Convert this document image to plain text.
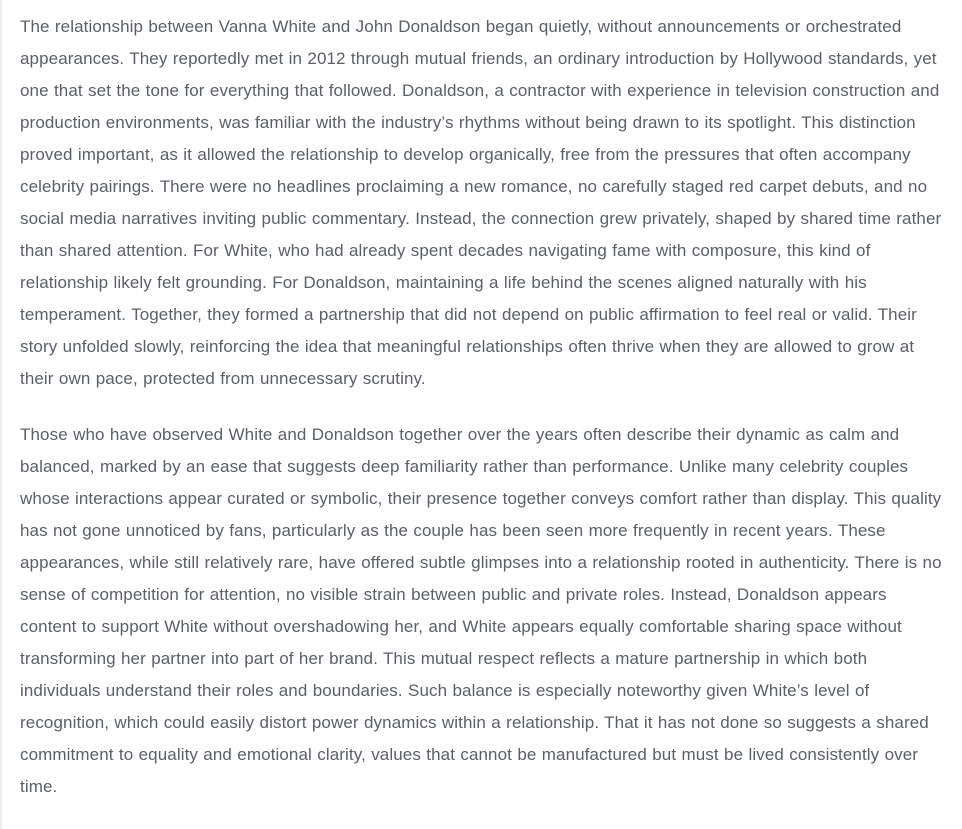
The relationship between Vanna White and John Donaldson began quietly, without announcements or orchestrated appearances. They reportedly met in 2012 through mutual friends, an ordinary introduction by Hollywood standards, yet one that set the tone for everything that followed. Donaldson, a contractor with experience in television construction and production environments, was familiar with the industry’s rhythms without being drawn to its spotlight. This distinction proved important, as it allowed the relationship to develop organically, free from the pressures that often accompany celebrity pairings. There were no headlines proclaiming a new romance, no carefully staged red carpet debuts, and no social media narratives inviting public commentary. Instead, the connection grew privately, shaped by shared time rather than shared attention. For White, who had already spent decades navigating fame with composure, this kind of relationship likely felt grounding. For Donaldson, maintaining a life behind the scenes aligned naturally with his temperament. Together, they formed a partnership that did not depend on public affirmation to feel real or valid. Their story unfolded slowly, reinforcing the idea that meaningful relationships often thrive when they are allowed to grow at their own pace, protected from unnecessary scrutiny.

Those who have observed White and Donaldson together over the years often describe their dynamic as calm and balanced, marked by an ease that suggests deep familiarity rather than performance. Unlike many celebrity couples whose interactions appear curated or symbolic, their presence together conveys comfort rather than display. This quality has not gone unnoticed by fans, particularly as the couple has been seen more frequently in recent years. These appearances, while still relatively rare, have offered subtle glimpses into a relationship rooted in authenticity. There is no sense of competition for attention, no visible strain between public and private roles. Instead, Donaldson appears content to support White without overshadowing her, and White appears equally comfortable sharing space without transforming her partner into part of her brand. This mutual respect reflects a mature partnership in which both individuals understand their roles and boundaries. Such balance is especially noteworthy given White’s level of recognition, which could easily distort power dynamics within a relationship. That it has not done so suggests a shared commitment to equality and emotional clarity, values that cannot be manufactured but must be lived consistently over time.
